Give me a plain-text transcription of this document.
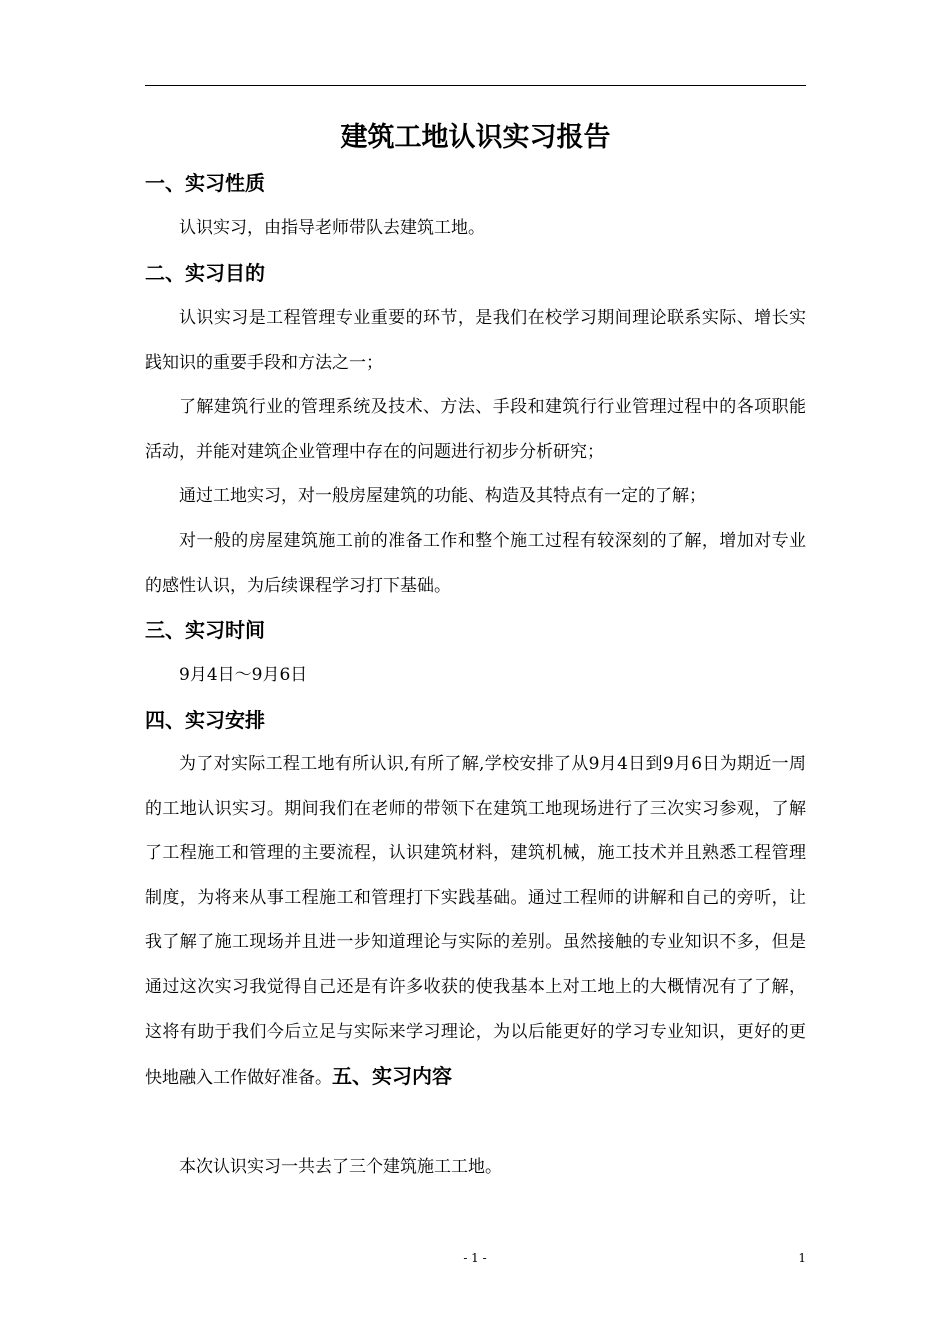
建筑工地认识实习报告
一、实习性质

认识实习，由指导老师带队去建筑工地。

二、实习目的

认识实习是工程管理专业重要的环节，是我们在校学习期间理论联系实际、增长实践知识的重要手段和方法之一；

了解建筑行业的管理系统及技术、方法、手段和建筑行行业管理过程中的各项职能活动，并能对建筑企业管理中存在的问题进行初步分析研究；

通过工地实习，对一般房屋建筑的功能、构造及其特点有一定的了解；

对一般的房屋建筑施工前的准备工作和整个施工过程有较深刻的了解，增加对专业的感性认识，为后续课程学习打下基础。

三、实习时间

9月4日～9月6日

四、实习安排

为了对实际工程工地有所认识,有所了解,学校安排了从9月4日到9月6日为期近一周的工地认识实习。期间我们在老师的带领下在建筑工地现场进行了三次实习参观，了解了工程施工和管理的主要流程，认识建筑材料，建筑机械，施工技术并且熟悉工程管理制度，为将来从事工程施工和管理打下实践基础。通过工程师的讲解和自己的旁听，让我了解了施工现场并且进一步知道理论与实际的差别。虽然接触的专业知识不多，但是通过这次实习我觉得自己还是有许多收获的使我基本上对工地上的大概情况有了了解，这将有助于我们今后立足与实际来学习理论，为以后能更好的学习专业知识，更好的更快地融入工作做好准备。五、实习内容

本次认识实习一共去了三个建筑施工工地。

- 1 -	1
